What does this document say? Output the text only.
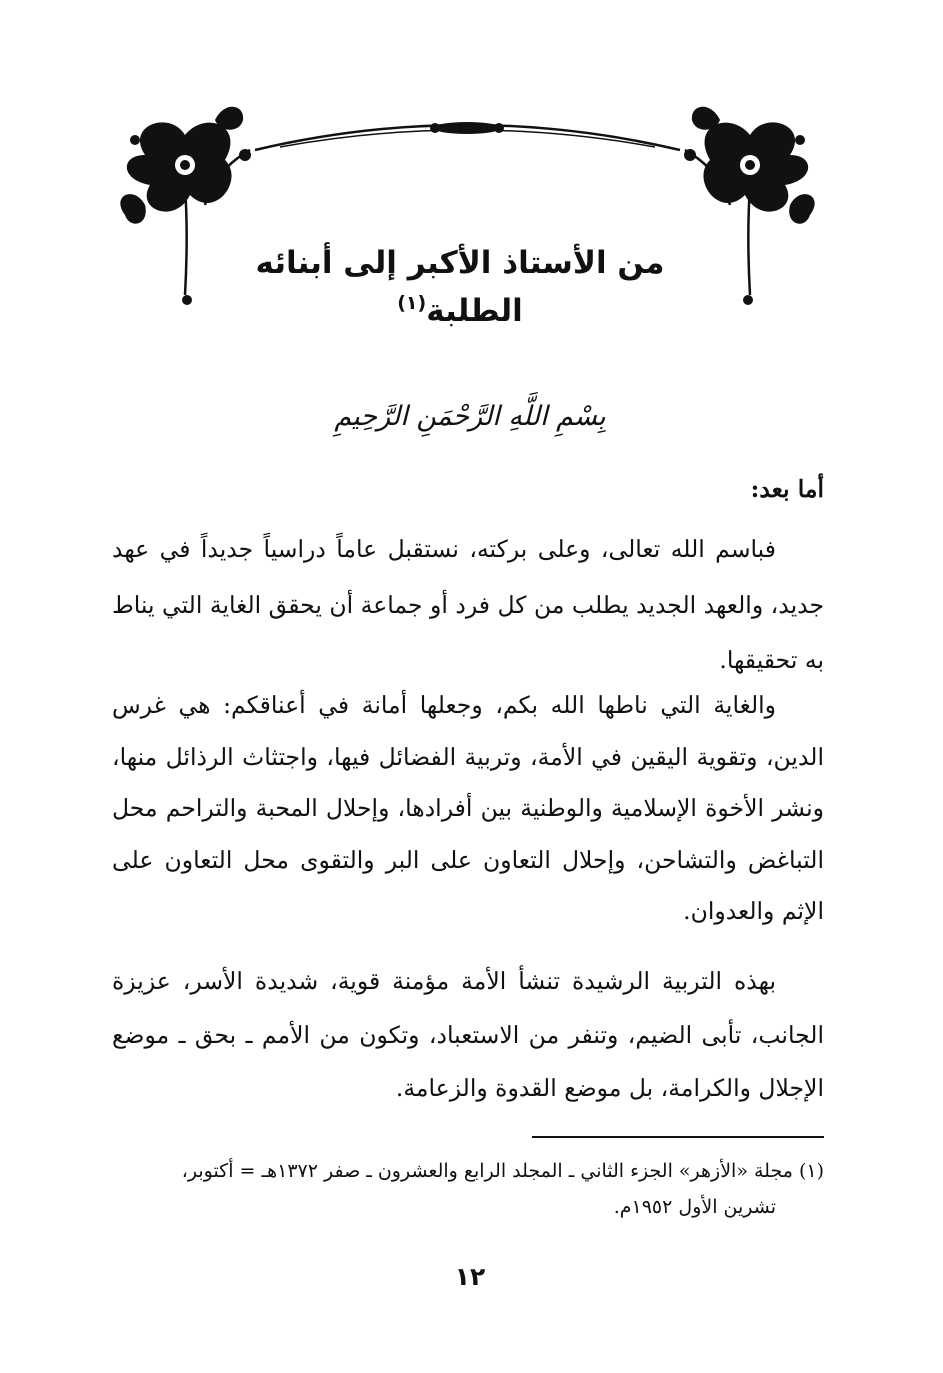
من الأستاذ الأكبر إلى أبنائه الطلبة$^{(١)}$
بِسْمِ اللَّهِ الرَّحْمَنِ الرَّحِيمِ

أما بعد:

فباسم الله تعالى، وعلى بركته، نستقبل عاماً دراسياً جديداً في عهد جديد، والعهد الجديد يطلب من كل فرد أو جماعة أن يحقق الغاية التي يناط به تحقيقها.

والغاية التي ناطها الله بكم، وجعلها أمانة في أعناقكم: هي غرس الدين، وتقوية اليقين في الأمة، وتربية الفضائل فيها، واجتثاث الرذائل منها، ونشر الأخوة الإسلامية والوطنية بين أفرادها، وإحلال المحبة والتراحم محل التباغض والتشاحن، وإحلال التعاون على البر والتقوى محل التعاون على الإثم والعدوان.

بهذه التربية الرشيدة تنشأ الأمة مؤمنة قوية، شديدة الأسر، عزيزة الجانب، تأبى الضيم، وتنفر من الاستعباد، وتكون من الأمم ـ بحق ـ موضع الإجلال والكرامة، بل موضع القدوة والزعامة.

(١) مجلة «الأزهر» الجزء الثاني ـ المجلد الرابع والعشرون ـ صفر ١٣٧٢هـ = أكتوبر،
تشرين الأول ١٩٥٢م.
١٢
